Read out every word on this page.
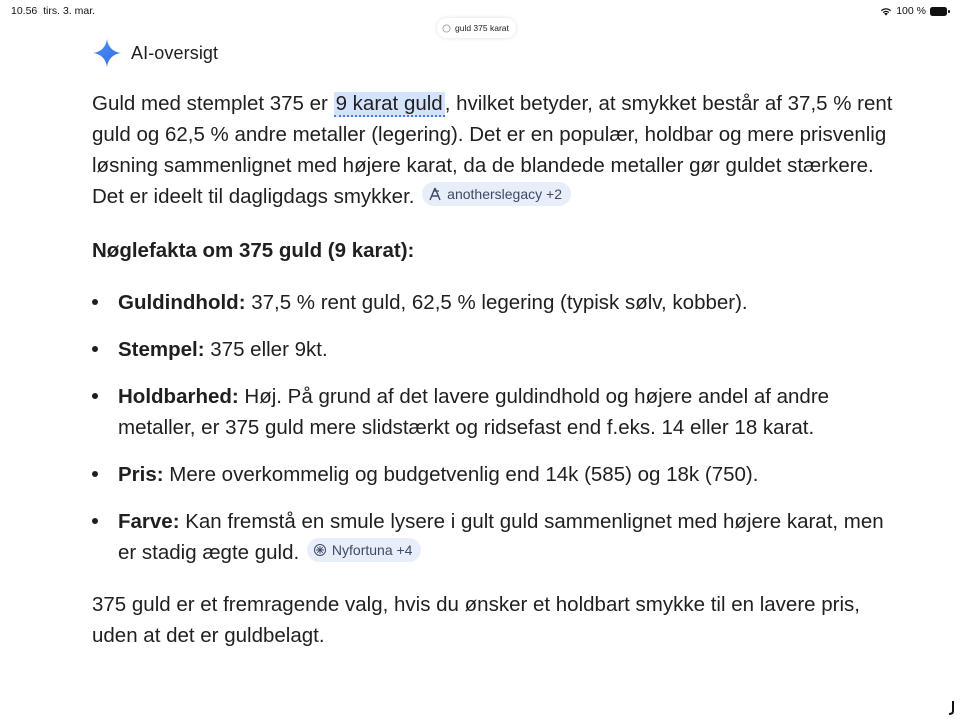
10.56 tirs. 3. mar.	100 %
guld 375 karat
AI-oversigt

Guld med stemplet 375 er 9 karat guld, hvilket betyder, at smykket består af 37,5 % rent guld og 62,5 % andre metaller (legering). Det er en populær, holdbar og mere prisvenlig løsning sammenlignet med højere karat, da de blandede metaller gør guldet stærkere. Det er ideelt til dagligdags smykker. anotherslegacy +2

Nøglefakta om 375 guld (9 karat):

Guldindhold: 37,5 % rent guld, 62,5 % legering (typisk sølv, kobber).
Stempel: 375 eller 9kt.
Holdbarhed: Høj. På grund af det lavere guldindhold og højere andel af andre metaller, er 375 guld mere slidstærkt og ridsefast end f.eks. 14 eller 18 karat.
Pris: Mere overkommelig og budgetvenlig end 14k (585) og 18k (750).
Farve: Kan fremstå en smule lysere i gult guld sammenlignet med højere karat, men er stadig ægte guld. Nyfortuna +4

375 guld er et fremragende valg, hvis du ønsker et holdbart smykke til en lavere pris, uden at det er guldbelagt.
